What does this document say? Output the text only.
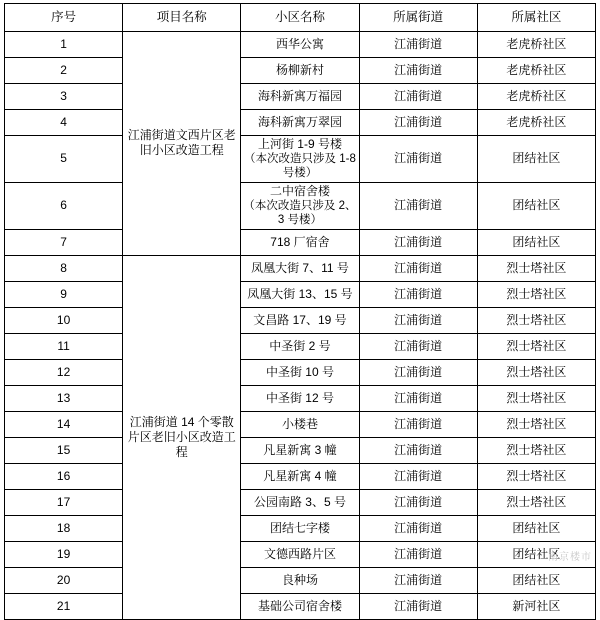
序号	项目名称	小区名称	所属街道	所属社区
1	江浦街道文西片区老旧小区改造工程	西华公寓	江浦街道	老虎桥社区
2		杨柳新村	江浦街道	老虎桥社区
3		海科新寓万福园	江浦街道	老虎桥社区
4		海科新寓万翠园	江浦街道	老虎桥社区
5		上河街 1-9 号楼
（本次改造只涉及 1-8 号楼）	江浦街道	团结社区
6		二中宿舍楼
（本次改造只涉及 2、3 号楼）	江浦街道	团结社区
7		718 厂宿舍	江浦街道	团结社区
8	江浦街道 14 个零散片区老旧小区改造工程	凤凰大街 7、11 号	江浦街道	烈士塔社区
9		凤凰大街 13、15 号	江浦街道	烈士塔社区
10		文昌路 17、19 号	江浦街道	烈士塔社区
11		中圣街 2 号	江浦街道	烈士塔社区
12		中圣街 10 号	江浦街道	烈士塔社区
13		中圣街 12 号	江浦街道	烈士塔社区
14		小楼巷	江浦街道	烈士塔社区
15		凡星新寓 3 幢	江浦街道	烈士塔社区
16		凡星新寓 4 幢	江浦街道	烈士塔社区
17		公园南路 3、5 号	江浦街道	烈士塔社区
18		团结七字楼	江浦街道	团结社区
19		文德西路片区	江浦街道	团结社区
20		良种场	江浦街道	团结社区
21		基础公司宿舍楼	江浦街道	新河社区
南京楼市
